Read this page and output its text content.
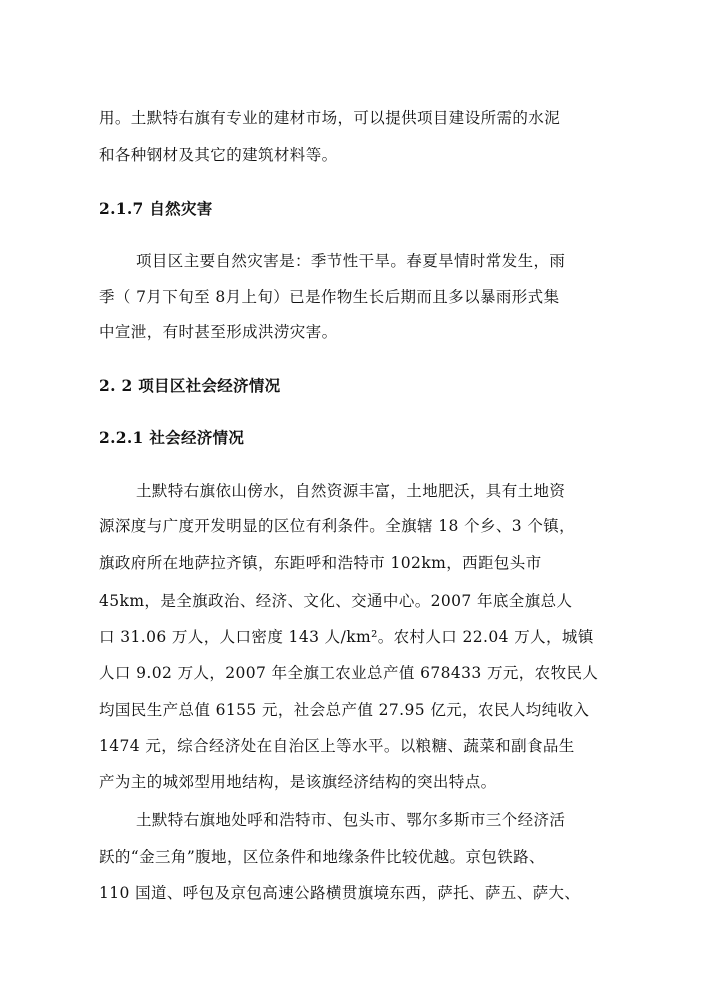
用。土默特右旗有专业的建材市场，可以提供项目建设所需的水泥
和各种钢材及其它的建筑材料等。
2.1.7 自然灾害
项目区主要自然灾害是：季节性干旱。春夏旱情时常发生，雨
季（ 7月下旬至 8月上旬）已是作物生长后期而且多以暴雨形式集
中宣泄，有时甚至形成洪涝灾害。
2. 2 项目区社会经济情况
2.2.1 社会经济情况
土默特右旗依山傍水，自然资源丰富，土地肥沃，具有土地资
源深度与广度开发明显的区位有利条件。全旗辖 18 个乡、3 个镇，
旗政府所在地萨拉齐镇，东距呼和浩特市 102km，西距包头市
45km，是全旗政治、经济、文化、交通中心。2007 年底全旗总人
口 31.06 万人，人口密度 143 人/km²。农村人口 22.04 万人，城镇
人口 9.02 万人，2007 年全旗工农业总产值 678433 万元，农牧民人
均国民生产总值 6155 元，社会总产值 27.95 亿元，农民人均纯收入
1474 元，综合经济处在自治区上等水平。以粮糖、蔬菜和副食品生
产为主的城郊型用地结构，是该旗经济结构的突出特点。
土默特右旗地处呼和浩特市、包头市、鄂尔多斯市三个经济活
跃的“金三角”腹地，区位条件和地缘条件比较优越。京包铁路、
110 国道、呼包及京包高速公路横贯旗境东西，萨托、萨五、萨大、
